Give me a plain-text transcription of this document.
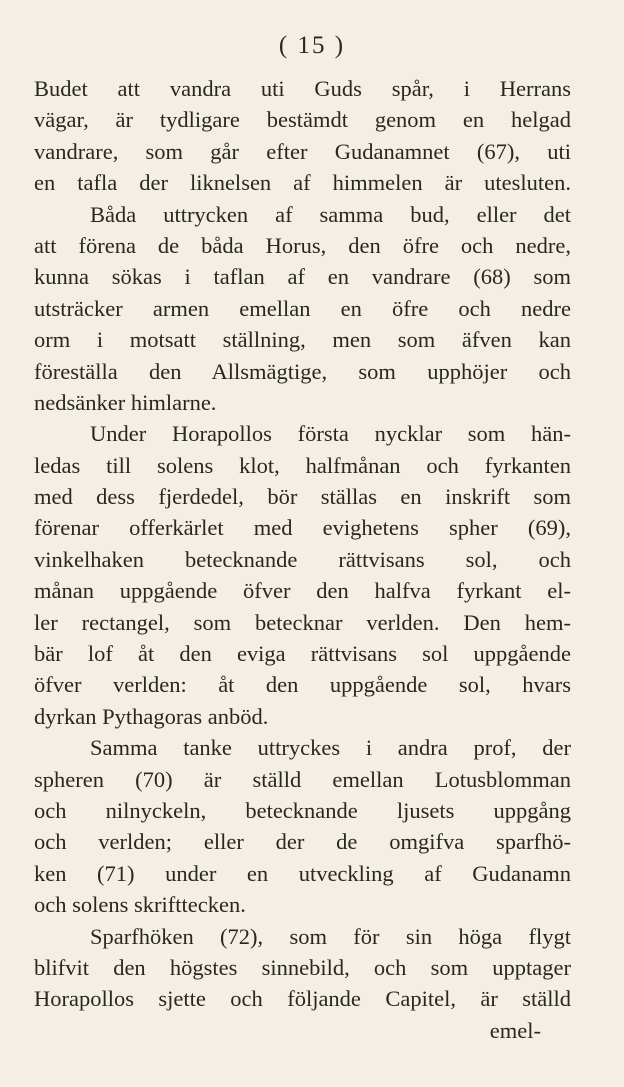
( 15 )
Budet att vandra uti Guds spår, i Herrans
vägar, är tydligare bestämdt genom en helgad
vandrare, som går efter Gudanamnet (67), uti
en tafla der liknelsen af himmelen är utesluten.
Båda uttrycken af samma bud, eller det
att förena de båda Horus, den öfre och nedre,
kunna sökas i taflan af en vandrare (68) som
utsträcker armen emellan en öfre och nedre
orm i motsatt ställning, men som äfven kan
föreställa den Allsmägtige, som upphöjer och
nedsänker himlarne.
Under Horapollos första nycklar som hän-
ledas till solens klot, halfmånan och fyrkanten
med dess fjerdedel, bör ställas en inskrift som
förenar offerkärlet med evighetens spher (69),
vinkelhaken betecknande rättvisans sol, och
månan uppgående öfver den halfva fyrkant el-
ler rectangel, som betecknar verlden. Den hem-
bär lof åt den eviga rättvisans sol uppgående
öfver verlden: åt den uppgående sol, hvars
dyrkan Pythagoras anböd.
Samma tanke uttryckes i andra prof, der
spheren (70) är ställd emellan Lotusblomman
och nilnyckeln, betecknande ljusets uppgång
och verlden; eller der de omgifva sparfhö-
ken (71) under en utveckling af Gudanamn
och solens skrifttecken.
Sparfhöken (72), som för sin höga flygt
blifvit den högstes sinnebild, och som upptager
Horapollos sjette och följande Capitel, är ställd
emel-
